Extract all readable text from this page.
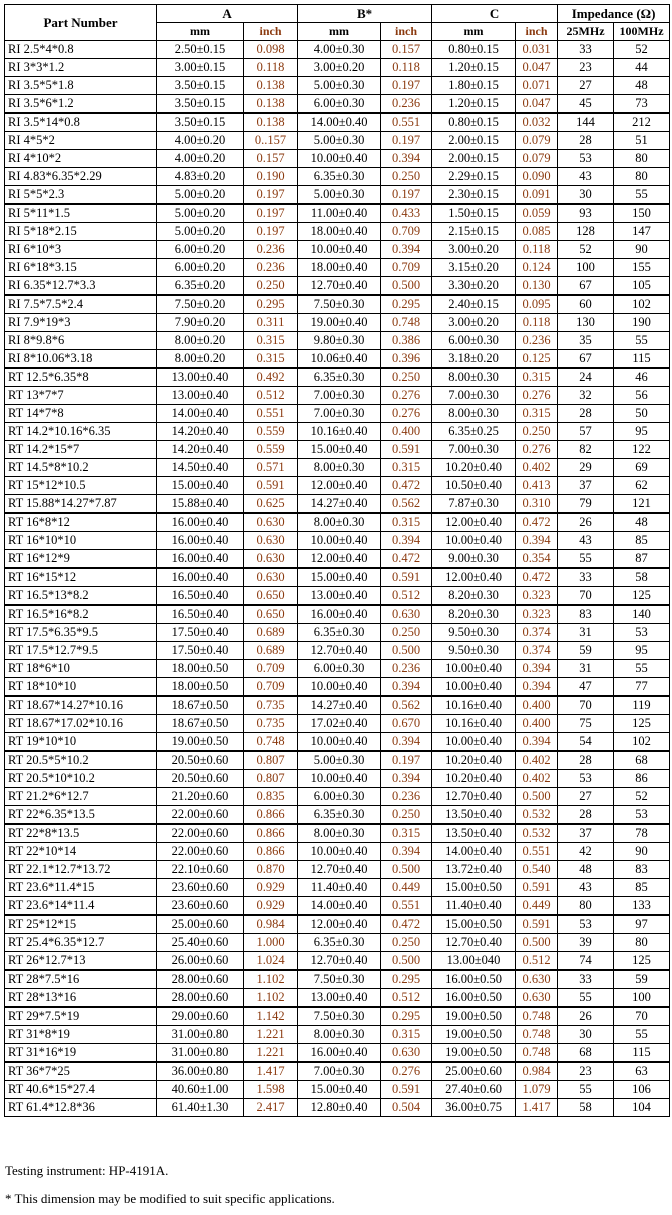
Part Number	A		B*		C		Impedance (Ω)	
	mm	inch	mm	inch	mm	inch	25MHz	100MHz
RI 2.5*4*0.8	2.50±0.15	0.098	4.00±0.30	0.157	0.80±0.15	0.031	33	52
RI 3*3*1.2	3.00±0.15	0.118	3.00±0.20	0.118	1.20±0.15	0.047	23	44
RI 3.5*5*1.8	3.50±0.15	0.138	5.00±0.30	0.197	1.80±0.15	0.071	27	48
RI 3.5*6*1.2	3.50±0.15	0.138	6.00±0.30	0.236	1.20±0.15	0.047	45	73
RI 3.5*14*0.8	3.50±0.15	0.138	14.00±0.40	0.551	0.80±0.15	0.032	144	212
RI 4*5*2	4.00±0.20	0..157	5.00±0.30	0.197	2.00±0.15	0.079	28	51
RI 4*10*2	4.00±0.20	0.157	10.00±0.40	0.394	2.00±0.15	0.079	53	80
RI 4.83*6.35*2.29	4.83±0.20	0.190	6.35±0.30	0.250	2.29±0.15	0.090	43	80
RI 5*5*2.3	5.00±0.20	0.197	5.00±0.30	0.197	2.30±0.15	0.091	30	55
RI 5*11*1.5	5.00±0.20	0.197	11.00±0.40	0.433	1.50±0.15	0.059	93	150
RI 5*18*2.15	5.00±0.20	0.197	18.00±0.40	0.709	2.15±0.15	0.085	128	147
RI 6*10*3	6.00±0.20	0.236	10.00±0.40	0.394	3.00±0.20	0.118	52	90
RI 6*18*3.15	6.00±0.20	0.236	18.00±0.40	0.709	3.15±0.20	0.124	100	155
RI 6.35*12.7*3.3	6.35±0.20	0.250	12.70±0.40	0.500	3.30±0.20	0.130	67	105
RI 7.5*7.5*2.4	7.50±0.20	0.295	7.50±0.30	0.295	2.40±0.15	0.095	60	102
RI 7.9*19*3	7.90±0.20	0.311	19.00±0.40	0.748	3.00±0.20	0.118	130	190
RI 8*9.8*6	8.00±0.20	0.315	9.80±0.30	0.386	6.00±0.30	0.236	35	55
RI 8*10.06*3.18	8.00±0.20	0.315	10.06±0.40	0.396	3.18±0.20	0.125	67	115
RT 12.5*6.35*8	13.00±0.40	0.492	6.35±0.30	0.250	8.00±0.30	0.315	24	46
RT 13*7*7	13.00±0.40	0.512	7.00±0.30	0.276	7.00±0.30	0.276	32	56
RT 14*7*8	14.00±0.40	0.551	7.00±0.30	0.276	8.00±0.30	0.315	28	50
RT 14.2*10.16*6.35	14.20±0.40	0.559	10.16±0.40	0.400	6.35±0.25	0.250	57	95
RT 14.2*15*7	14.20±0.40	0.559	15.00±0.40	0.591	7.00±0.30	0.276	82	122
RT 14.5*8*10.2	14.50±0.40	0.571	8.00±0.30	0.315	10.20±0.40	0.402	29	69
RT 15*12*10.5	15.00±0.40	0.591	12.00±0.40	0.472	10.50±0.40	0.413	37	62
RT 15.88*14.27*7.87	15.88±0.40	0.625	14.27±0.40	0.562	7.87±0.30	0.310	79	121
RT 16*8*12	16.00±0.40	0.630	8.00±0.30	0.315	12.00±0.40	0.472	26	48
RT 16*10*10	16.00±0.40	0.630	10.00±0.40	0.394	10.00±0.40	0.394	43	85
RT 16*12*9	16.00±0.40	0.630	12.00±0.40	0.472	9.00±0.30	0.354	55	87
RT 16*15*12	16.00±0.40	0.630	15.00±0.40	0.591	12.00±0.40	0.472	33	58
RT 16.5*13*8.2	16.50±0.40	0.650	13.00±0.40	0.512	8.20±0.30	0.323	70	125
RT 16.5*16*8.2	16.50±0.40	0.650	16.00±0.40	0.630	8.20±0.30	0.323	83	140
RT 17.5*6.35*9.5	17.50±0.40	0.689	6.35±0.30	0.250	9.50±0.30	0.374	31	53
RT 17.5*12.7*9.5	17.50±0.40	0.689	12.70±0.40	0.500	9.50±0.30	0.374	59	95
RT 18*6*10	18.00±0.50	0.709	6.00±0.30	0.236	10.00±0.40	0.394	31	55
RT 18*10*10	18.00±0.50	0.709	10.00±0.40	0.394	10.00±0.40	0.394	47	77
RT 18.67*14.27*10.16	18.67±0.50	0.735	14.27±0.40	0.562	10.16±0.40	0.400	70	119
RT 18.67*17.02*10.16	18.67±0.50	0.735	17.02±0.40	0.670	10.16±0.40	0.400	75	125
RT 19*10*10	19.00±0.50	0.748	10.00±0.40	0.394	10.00±0.40	0.394	54	102
RT 20.5*5*10.2	20.50±0.60	0.807	5.00±0.30	0.197	10.20±0.40	0.402	28	68
RT 20.5*10*10.2	20.50±0.60	0.807	10.00±0.40	0.394	10.20±0.40	0.402	53	86
RT 21.2*6*12.7	21.20±0.60	0.835	6.00±0.30	0.236	12.70±0.40	0.500	27	52
RT 22*6.35*13.5	22.00±0.60	0.866	6.35±0.30	0.250	13.50±0.40	0.532	28	53
RT 22*8*13.5	22.00±0.60	0.866	8.00±0.30	0.315	13.50±0.40	0.532	37	78
RT 22*10*14	22.00±0.60	0.866	10.00±0.40	0.394	14.00±0.40	0.551	42	90
RT 22.1*12.7*13.72	22.10±0.60	0.870	12.70±0.40	0.500	13.72±0.40	0.540	48	83
RT 23.6*11.4*15	23.60±0.60	0.929	11.40±0.40	0.449	15.00±0.50	0.591	43	85
RT 23.6*14*11.4	23.60±0.60	0.929	14.00±0.40	0.551	11.40±0.40	0.449	80	133
RT 25*12*15	25.00±0.60	0.984	12.00±0.40	0.472	15.00±0.50	0.591	53	97
RT 25.4*6.35*12.7	25.40±0.60	1.000	6.35±0.30	0.250	12.70±0.40	0.500	39	80
RT 26*12.7*13	26.00±0.60	1.024	12.70±0.40	0.500	13.00±040	0.512	74	125
RT 28*7.5*16	28.00±0.60	1.102	7.50±0.30	0.295	16.00±0.50	0.630	33	59
RT 28*13*16	28.00±0.60	1.102	13.00±0.40	0.512	16.00±0.50	0.630	55	100
RT 29*7.5*19	29.00±0.60	1.142	7.50±0.30	0.295	19.00±0.50	0.748	26	70
RT 31*8*19	31.00±0.80	1.221	8.00±0.30	0.315	19.00±0.50	0.748	30	55
RT 31*16*19	31.00±0.80	1.221	16.00±0.40	0.630	19.00±0.50	0.748	68	115
RT 36*7*25	36.00±0.80	1.417	7.00±0.30	0.276	25.00±0.60	0.984	23	63
RT 40.6*15*27.4	40.60±1.00	1.598	15.00±0.40	0.591	27.40±0.60	1.079	55	106
RT 61.4*12.8*36	61.40±1.30	2.417	12.80±0.40	0.504	36.00±0.75	1.417	58	104
Testing instrument: HP-4191A.
* This dimension may be modified to suit specific applications.
